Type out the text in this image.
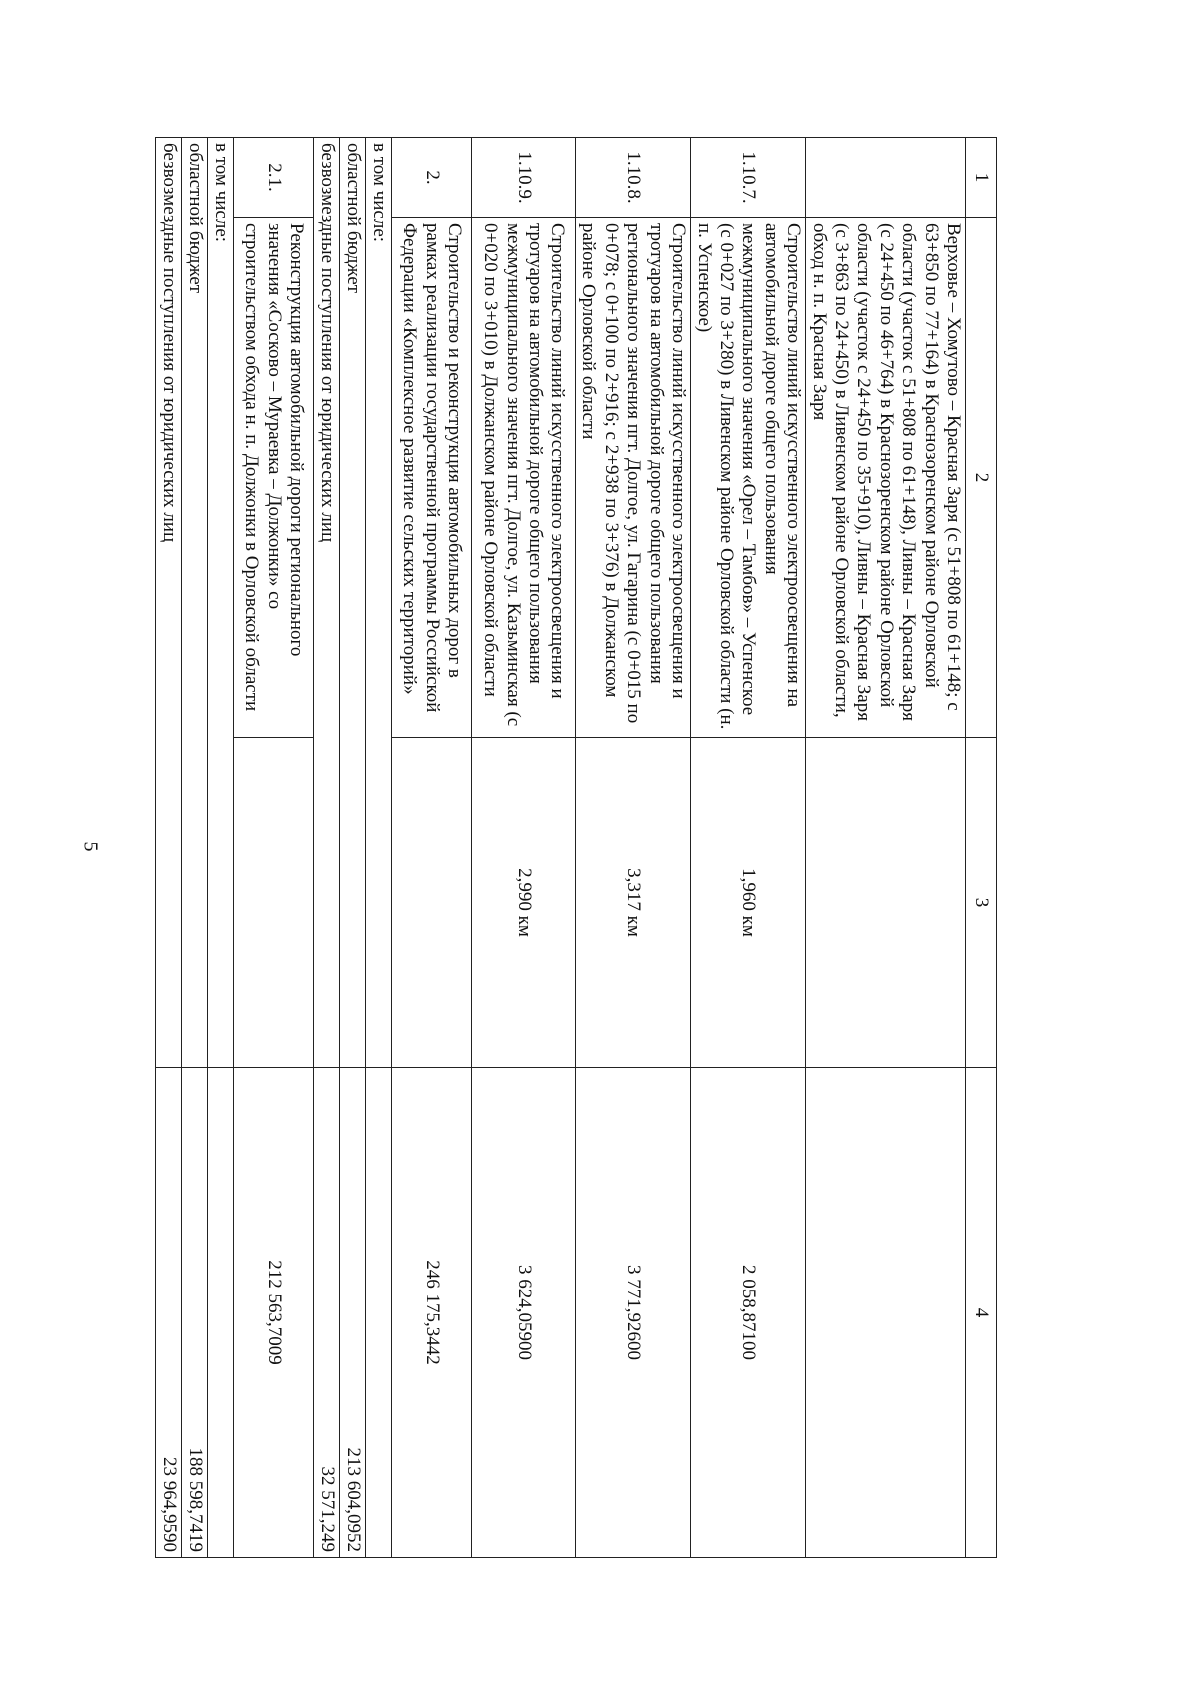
5
1	2	3	4
	Верховье – Хомутово – Красная Заря (с 51+808 по 61+148; с 63+850 по 77+164) в Краснозоренском районе Орловской области (участок с 51+808 по 61+148), Ливны – Красная Заря (с 24+450 по 46+764) в Краснозоренском районе Орловской области (участок с 24+450 по 35+910), Ливны – Красная Заря (с 3+863 по 24+450) в Ливенском районе Орловской области, обход н. п. Красная Заря		
1.10.7.	Строительство линий искусственного электроосвещения на автомобильной дороге общего пользования межмуниципального значения «Орел – Тамбов» – Успенское (с 0+027 по 3+280) в Ливенском районе Орловской области (н. п. Успенское)	1,960 км	2 058,87100
1.10.8.	Строительство линий искусственного электроосвещения и тротуаров на автомобильной дороге общего пользования регионального значения пгт. Долгое, ул. Гагарина (с 0+015 по 0+078; с 0+100 по 2+916; с 2+938 по 3+376) в Должанском районе Орловской области	3,317 км	3 771,92600
1.10.9.	Строительство линий искусственного электроосвещения и тротуаров на автомобильной дороге общего пользования межмуниципального значения пгт. Долгое, ул. Казьминская (с 0+020 по 3+010) в Должанском районе Орловской области	2,990 км	3 624,05900
2.	Строительство и реконструкция автомобильных дорог в рамках реализации государственной программы Российской Федерации «Комплексное развитие сельских территорий»		246 175,3442
в том числе:			
областной бюджет			213 604,0952
безвозмездные поступления от юридических лиц			32 571,249
2.1.	Реконструкция автомобильной дороги регионального значения «Сосково – Мураевка – Должонки» со строительством обхода н. п. Должонки в Орловской области		212 563,7009
в том числе:			
областной бюджет			188 598,7419
безвозмездные поступления от юридических лиц			23 964,9590
